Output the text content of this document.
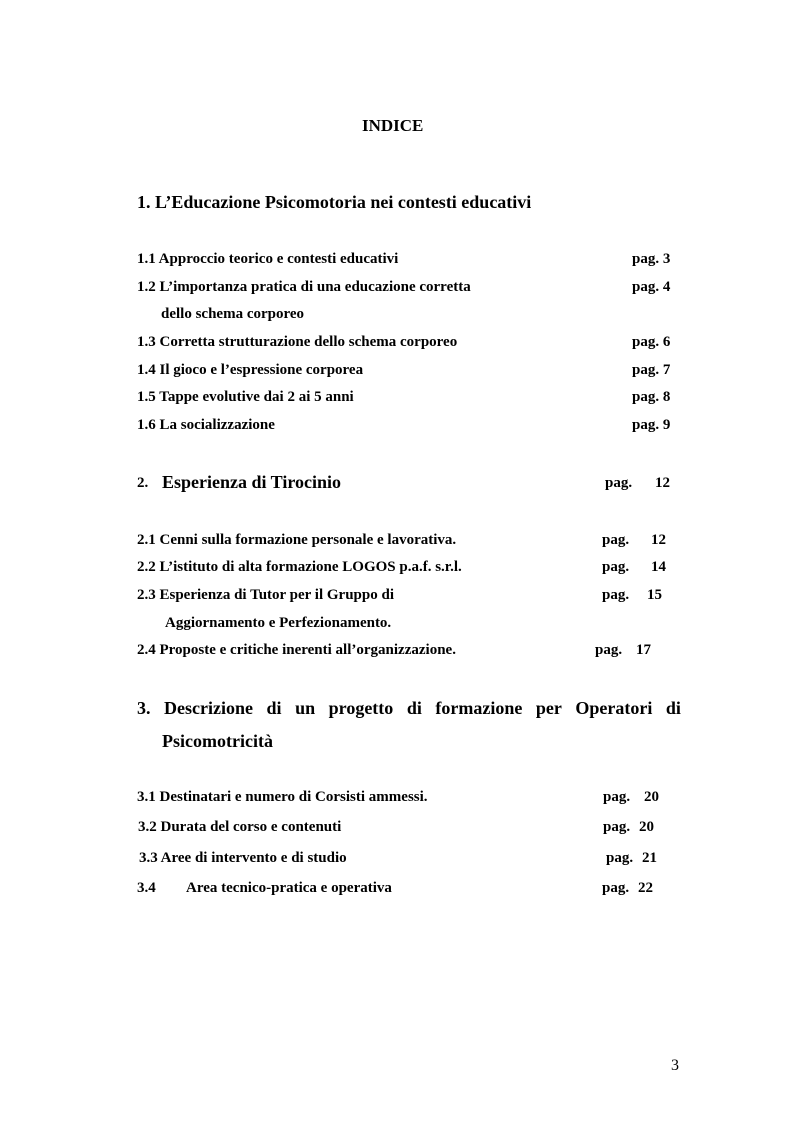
INDICE
1. L’Educazione Psicomotoria nei contesti educativi
1.1 Approccio teorico e contesti educativi	pag. 3
1.2 L’importanza pratica di una educazione corretta	pag. 4
dello schema corporeo
1.3 Corretta strutturazione dello schema corporeo	pag. 6
1.4 Il gioco e l’espressione corporea	pag. 7
1.5 Tappe evolutive dai 2 ai 5 anni	pag. 8
1.6 La socializzazione	pag. 9
2. Esperienza di Tirocinio	pag. 12
2.1 Cenni sulla formazione personale e lavorativa.	pag. 12
2.2 L’istituto di alta formazione LOGOS p.a.f. s.r.l.	pag. 14
2.3 Esperienza di Tutor per il Gruppo di	pag. 15
Aggiornamento e Perfezionamento.
2.4 Proposte e critiche inerenti all’organizzazione.	pag. 17
3. Descrizione di un progetto di formazione per Operatori di
Psicomotricità
3.1 Destinatari e numero di Corsisti ammessi.	pag. 20
3.2 Durata del corso e contenuti	pag. 20
3.3 Aree di intervento e di studio	pag. 21
3.4 Area tecnico-pratica e operativa	pag. 22
3
